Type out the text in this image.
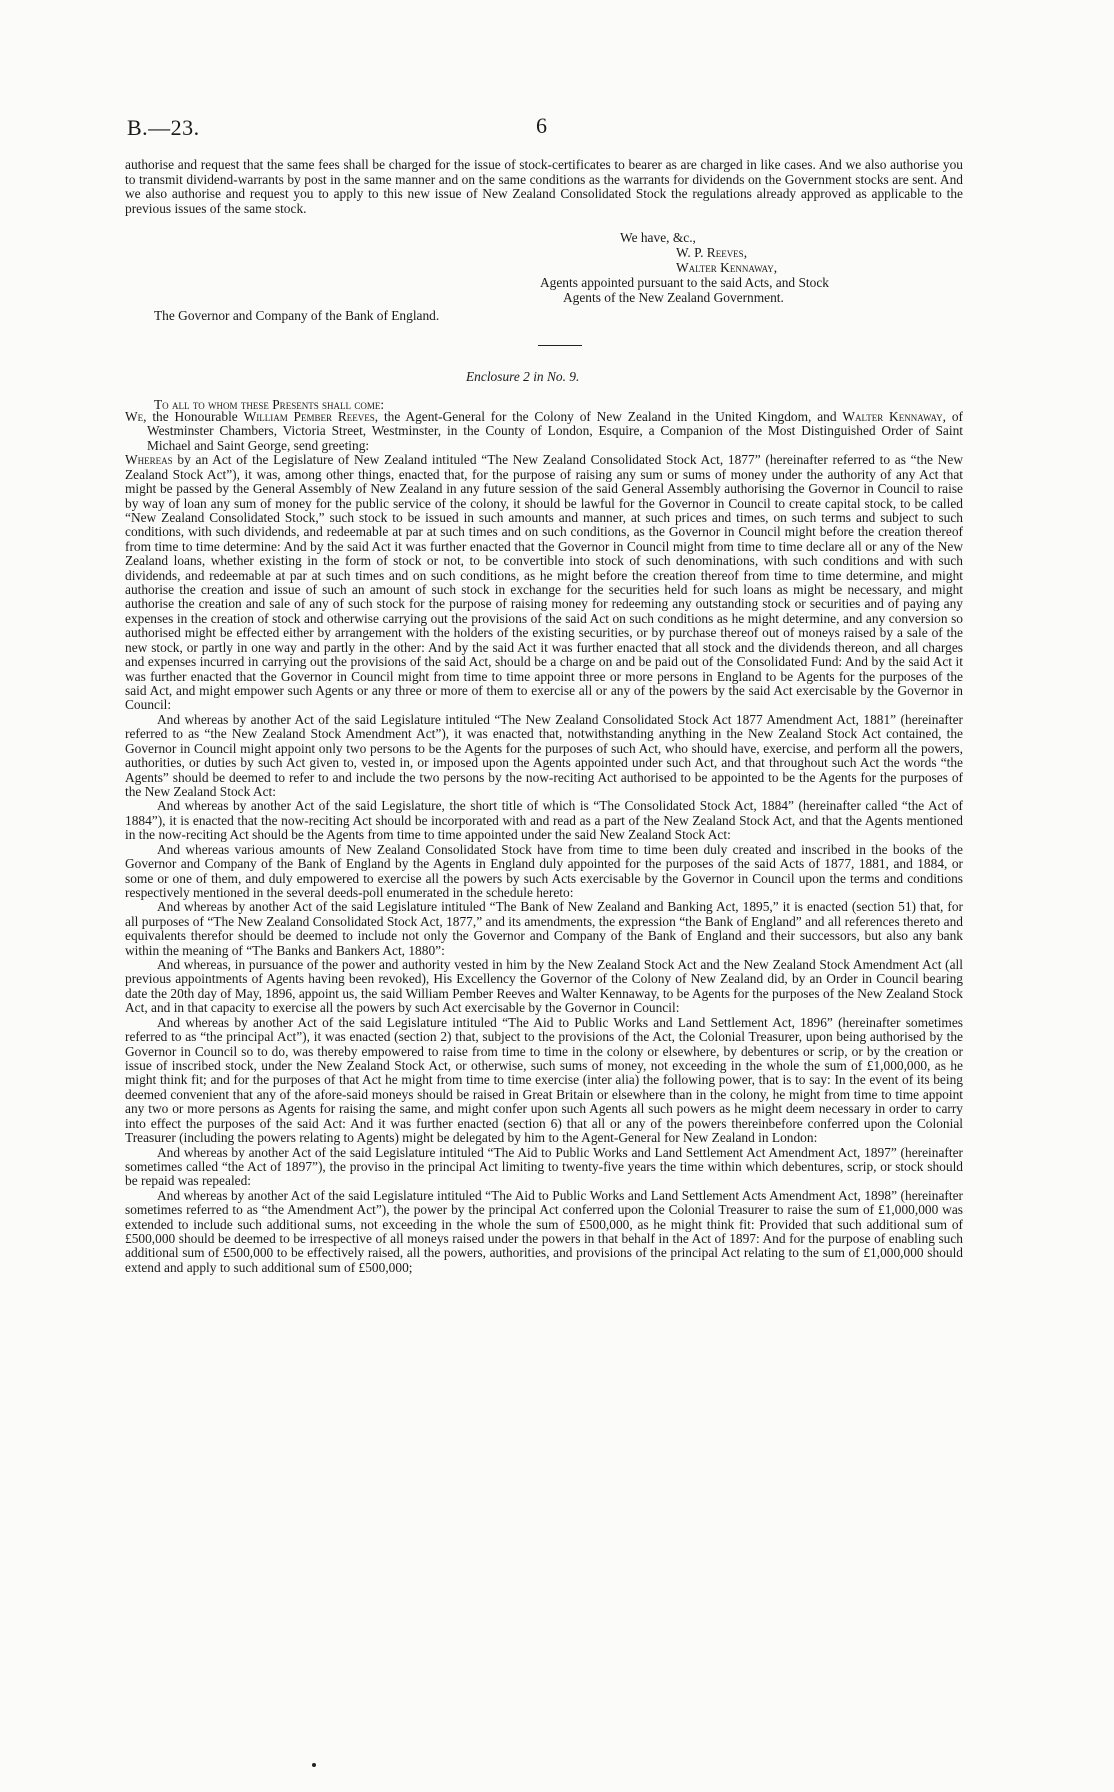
B.—23.	6
authorise and request that the same fees shall be charged for the issue of stock-certificates to bearer as are charged in like cases. And we also authorise you to transmit dividend-warrants by post in the same manner and on the same conditions as the warrants for dividends on the Government stocks are sent. And we also authorise and request you to apply to this new issue of New Zealand Consolidated Stock the regulations already approved as applicable to the previous issues of the same stock.
We have, &c.,
W. P. Reeves,
Walter Kennaway,
Agents appointed pursuant to the said Acts, and Stock
Agents of the New Zealand Government.
The Governor and Company of the Bank of England.
Enclosure 2 in No. 9.
To all to whom these Presents shall come:

We, the Honourable William Pember Reeves, the Agent-General for the Colony of New Zealand in the United Kingdom, and Walter Kennaway, of Westminster Chambers, Victoria Street, Westminster, in the County of London, Esquire, a Companion of the Most Distinguished Order of Saint Michael and Saint George, send greeting:

Whereas by an Act of the Legislature of New Zealand intituled “The New Zealand Consolidated Stock Act, 1877” (hereinafter referred to as “the New Zealand Stock Act”), it was, among other things, enacted that, for the purpose of raising any sum or sums of money under the authority of any Act that might be passed by the General Assembly of New Zealand in any future session of the said General Assembly authorising the Governor in Council to raise by way of loan any sum of money for the public service of the colony, it should be lawful for the Governor in Council to create capital stock, to be called “New Zealand Consolidated Stock,” such stock to be issued in such amounts and manner, at such prices and times, on such terms and subject to such conditions, with such dividends, and redeemable at par at such times and on such conditions, as the Governor in Council might before the creation thereof from time to time determine: And by the said Act it was further enacted that the Governor in Council might from time to time declare all or any of the New Zealand loans, whether existing in the form of stock or not, to be convertible into stock of such denominations, with such conditions and with such dividends, and redeemable at par at such times and on such conditions, as he might before the creation thereof from time to time determine, and might authorise the creation and issue of such an amount of such stock in exchange for the securities held for such loans as might be necessary, and might authorise the creation and sale of any of such stock for the purpose of raising money for redeeming any outstanding stock or securities and of paying any expenses in the creation of stock and otherwise carrying out the provisions of the said Act on such conditions as he might determine, and any conversion so authorised might be effected either by arrangement with the holders of the existing securities, or by purchase thereof out of moneys raised by a sale of the new stock, or partly in one way and partly in the other: And by the said Act it was further enacted that all stock and the dividends thereon, and all charges and expenses incurred in carrying out the provisions of the said Act, should be a charge on and be paid out of the Consolidated Fund: And by the said Act it was further enacted that the Governor in Council might from time to time appoint three or more persons in England to be Agents for the purposes of the said Act, and might empower such Agents or any three or more of them to exercise all or any of the powers by the said Act exercisable by the Governor in Council:

And whereas by another Act of the said Legislature intituled “The New Zealand Consolidated Stock Act 1877 Amendment Act, 1881” (hereinafter referred to as “the New Zealand Stock Amendment Act”), it was enacted that, notwithstanding anything in the New Zealand Stock Act contained, the Governor in Council might appoint only two persons to be the Agents for the purposes of such Act, who should have, exercise, and perform all the powers, authorities, or duties by such Act given to, vested in, or imposed upon the Agents appointed under such Act, and that throughout such Act the words “the Agents” should be deemed to refer to and include the two persons by the now-reciting Act authorised to be appointed to be the Agents for the purposes of the New Zealand Stock Act:

And whereas by another Act of the said Legislature, the short title of which is “The Consolidated Stock Act, 1884” (hereinafter called “the Act of 1884”), it is enacted that the now-reciting Act should be incorporated with and read as a part of the New Zealand Stock Act, and that the Agents mentioned in the now-reciting Act should be the Agents from time to time appointed under the said New Zealand Stock Act:

And whereas various amounts of New Zealand Consolidated Stock have from time to time been duly created and inscribed in the books of the Governor and Company of the Bank of England by the Agents in England duly appointed for the purposes of the said Acts of 1877, 1881, and 1884, or some or one of them, and duly empowered to exercise all the powers by such Acts exercisable by the Governor in Council upon the terms and conditions respectively mentioned in the several deeds-poll enumerated in the schedule hereto:

And whereas by another Act of the said Legislature intituled “The Bank of New Zealand and Banking Act, 1895,” it is enacted (section 51) that, for all purposes of “The New Zealand Consolidated Stock Act, 1877,” and its amendments, the expression “the Bank of England” and all references thereto and equivalents therefor should be deemed to include not only the Governor and Company of the Bank of England and their successors, but also any bank within the meaning of “The Banks and Bankers Act, 1880”:

And whereas, in pursuance of the power and authority vested in him by the New Zealand Stock Act and the New Zealand Stock Amendment Act (all previous appointments of Agents having been revoked), His Excellency the Governor of the Colony of New Zealand did, by an Order in Council bearing date the 20th day of May, 1896, appoint us, the said William Pember Reeves and Walter Kennaway, to be Agents for the purposes of the New Zealand Stock Act, and in that capacity to exercise all the powers by such Act exercisable by the Governor in Council:

And whereas by another Act of the said Legislature intituled “The Aid to Public Works and Land Settlement Act, 1896” (hereinafter sometimes referred to as “the principal Act”), it was enacted (section 2) that, subject to the provisions of the Act, the Colonial Treasurer, upon being authorised by the Governor in Council so to do, was thereby empowered to raise from time to time in the colony or elsewhere, by debentures or scrip, or by the creation or issue of inscribed stock, under the New Zealand Stock Act, or otherwise, such sums of money, not exceeding in the whole the sum of £1,000,000, as he might think fit; and for the purposes of that Act he might from time to time exercise (inter alia) the following power, that is to say: In the event of its being deemed convenient that any of the afore-said moneys should be raised in Great Britain or elsewhere than in the colony, he might from time to time appoint any two or more persons as Agents for raising the same, and might confer upon such Agents all such powers as he might deem necessary in order to carry into effect the purposes of the said Act: And it was further enacted (section 6) that all or any of the powers thereinbefore conferred upon the Colonial Treasurer (including the powers relating to Agents) might be delegated by him to the Agent-General for New Zealand in London:

And whereas by another Act of the said Legislature intituled “The Aid to Public Works and Land Settlement Act Amendment Act, 1897” (hereinafter sometimes called “the Act of 1897”), the proviso in the principal Act limiting to twenty-five years the time within which debentures, scrip, or stock should be repaid was repealed:

And whereas by another Act of the said Legislature intituled “The Aid to Public Works and Land Settlement Acts Amendment Act, 1898” (hereinafter sometimes referred to as “the Amendment Act”), the power by the principal Act conferred upon the Colonial Treasurer to raise the sum of £1,000,000 was extended to include such additional sums, not exceeding in the whole the sum of £500,000, as he might think fit: Provided that such additional sum of £500,000 should be deemed to be irrespective of all moneys raised under the powers in that behalf in the Act of 1897: And for the purpose of enabling such additional sum of £500,000 to be effectively raised, all the powers, authorities, and provisions of the principal Act relating to the sum of £1,000,000 should extend and apply to such additional sum of £500,000;
